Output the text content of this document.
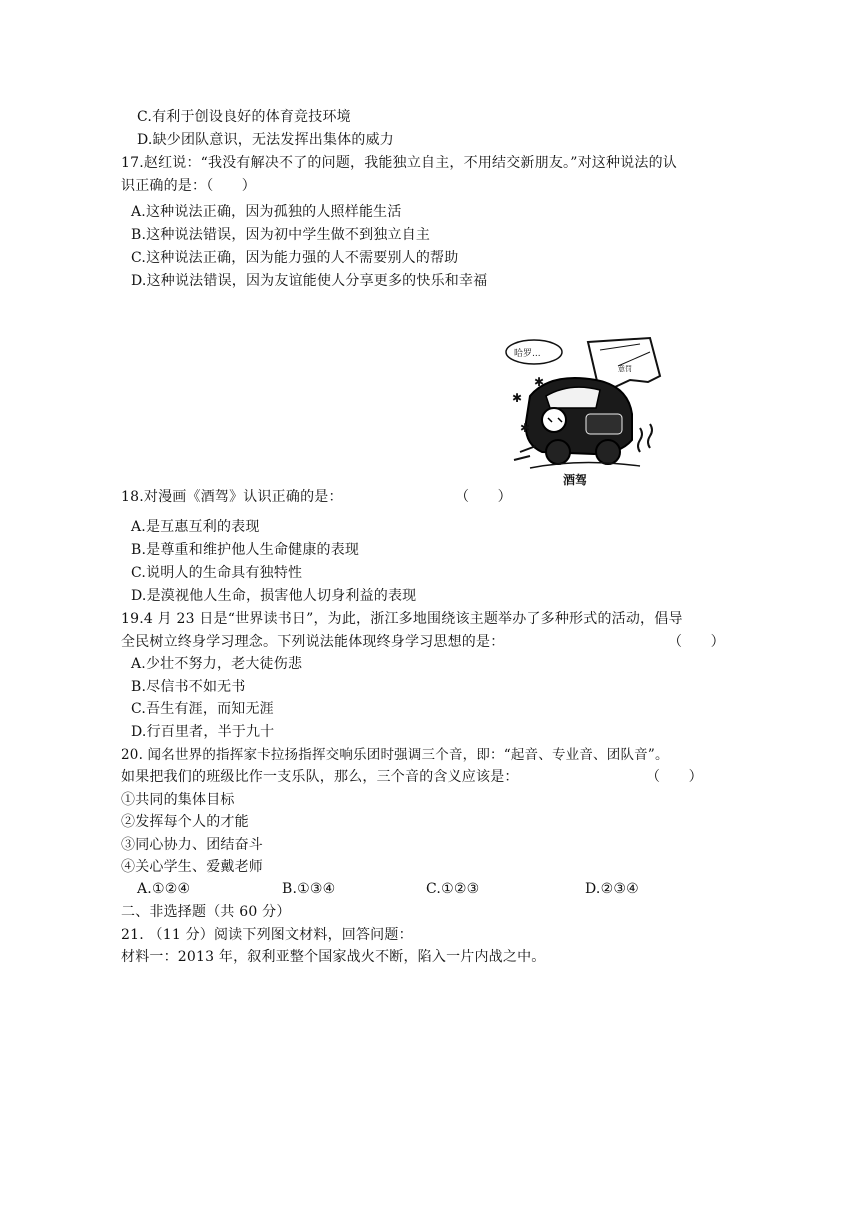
C.有利于创设良好的体育竞技环境
D.缺少团队意识，无法发挥出集体的威力
17.赵红说：“我没有解决不了的问题，我能独立自主，不用结交新朋友。”对这种说法的认
识正确的是：（　　）
A.这种说法正确，因为孤独的人照样能生活
B.这种说法错误，因为初中学生做不到独立自主
C.这种说法正确，因为能力强的人不需要别人的帮助
D.这种说法错误，因为友谊能使人分享更多的快乐和幸福
哈罗...
意罚
✱
✱
✱
酒驾
18.对漫画《酒驾》认识正确的是：	（　　）
A.是互惠互利的表现
B.是尊重和维护他人生命健康的表现
C.说明人的生命具有独特性
D.是漠视他人生命，损害他人切身利益的表现
19.4 月 23 日是“世界读书日”，为此，浙江多地围绕该主题举办了多种形式的活动，倡导
全民树立终身学习理念。下列说法能体现终身学习思想的是：	（　　）
A.少壮不努力，老大徒伤悲
B.尽信书不如无书
C.吾生有涯，而知无涯
D.行百里者，半于九十
20. 闻名世界的指挥家卡拉扬指挥交响乐团时强调三个音，即：“起音、专业音、团队音”。
如果把我们的班级比作一支乐队，那么，三个音的含义应该是：	（　　）
①共同的集体目标
②发挥每个人的才能
③同心协力、团结奋斗
④关心学生、爱戴老师
A.①②④	B.①③④	C.①②③	D.②③④
二、非选择题（共 60 分）
21. （11 分）阅读下列图文材料，回答问题：
材料一：2013 年，叙利亚整个国家战火不断，陷入一片内战之中。
